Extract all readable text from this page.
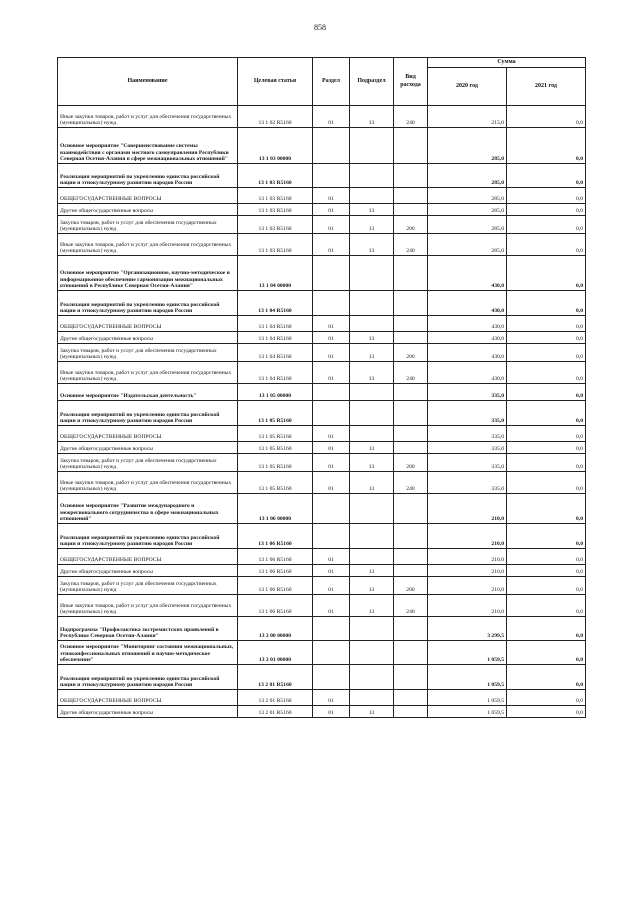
858
Наименование	Целевая статья	Раздел	Подраздел	Вид расхода	Сумма	
					2020 год	2021 год
Иные закупки товаров, работ и услуг для обеспечения государственных (муниципальных) нужд	13 1 02 R5160	01	13	240	215,0	0,0
Основное мероприятие "Совершенствование системы взаимодействия с органами местного самоуправления Республики Северная Осетия-Алания в сфере межнациональных отношений"	13 1 03 00000				285,0	0,0
Реализация мероприятий по укреплению единства российской нации и этнокультурному развитию народов России	13 1 03 R5160				285,0	0,0
ОБЩЕГОСУДАРСТВЕННЫЕ ВОПРОСЫ	13 1 03 R5160	01			285,0	0,0
Другие общегосударственные вопросы	13 1 03 R5160	01	13		285,0	0,0
Закупка товаров, работ и услуг для обеспечения государственных (муниципальных) нужд	13 1 03 R5160	01	13	200	285,0	0,0
Иные закупки товаров, работ и услуг для обеспечения государственных (муниципальных) нужд	13 1 03 R5160	01	13	240	285,0	0,0
Основное мероприятие "Организационное, научно-методическое и информационное обеспечение гармонизации межнациональных отношений в Республике Северная Осетия-Алания"	13 1 04 00000				430,0	0,0
Реализация мероприятий по укреплению единства российской нации и этнокультурному развитию народов России	13 1 04 R5160				430,0	0,0
ОБЩЕГОСУДАРСТВЕННЫЕ ВОПРОСЫ	13 1 04 R5160	01			430,0	0,0
Другие общегосударственные вопросы	13 1 04 R5160	01	13		430,0	0,0
Закупка товаров, работ и услуг для обеспечения государственных (муниципальных) нужд	13 1 04 R5160	01	13	200	430,0	0,0
Иные закупки товаров, работ и услуг для обеспечения государственных (муниципальных) нужд	13 1 04 R5160	01	13	240	430,0	0,0
Основное мероприятие "Издательская деятельность"	13 1 05 00000				335,0	0,0
Реализация мероприятий по укреплению единства российской нации и этнокультурному развитию народов России	13 1 05 R5160				335,0	0,0
ОБЩЕГОСУДАРСТВЕННЫЕ ВОПРОСЫ	13 1 05 R5160	01			335,0	0,0
Другие общегосударственные вопросы	13 1 05 R5160	01	13		335,0	0,0
Закупка товаров, работ и услуг для обеспечения государственных (муниципальных) нужд	13 1 05 R5160	01	13	200	335,0	0,0
Иные закупки товаров, работ и услуг для обеспечения государственных (муниципальных) нужд	13 1 05 R5160	01	13	240	335,0	0,0
Основное мероприятие "Развитие международного и межрегионального сотрудничества в сфере межнациональных отношений"	13 1 06 00000				210,0	0,0
Реализация мероприятий по укреплению единства российской нации и этнокультурному развитию народов России	13 1 06 R5160				210,0	0,0
ОБЩЕГОСУДАРСТВЕННЫЕ ВОПРОСЫ	13 1 06 R5160	01			210,0	0,0
Другие общегосударственные вопросы	13 1 06 R5160	01	13		210,0	0,0
Закупка товаров, работ и услуг для обеспечения государственных (муниципальных) нужд	13 1 06 R5160	01	13	200	210,0	0,0
Иные закупки товаров, работ и услуг для обеспечения государственных (муниципальных) нужд	13 1 06 R5160	01	13	240	210,0	0,0
Подпрограмма "Профилактика экстремистских проявлений в Республике Северная Осетия-Алания"	13 2 00 00000				3 299,5	0,0
Основное мероприятие "Мониторинг состояния межнациональных, этноконфессиональных отношений и научно-методическое обеспечение"	13 2 01 00000				1 059,5	0,0
Реализация мероприятий по укреплению единства российской нации и этнокультурному развитию народов России	13 2 01 R5160				1 059,5	0,0
ОБЩЕГОСУДАРСТВЕННЫЕ ВОПРОСЫ	13 2 01 R5160	01			1 059,5	0,0
Другие общегосударственные вопросы	13 2 01 R5160	01	13		1 059,5	0,0
